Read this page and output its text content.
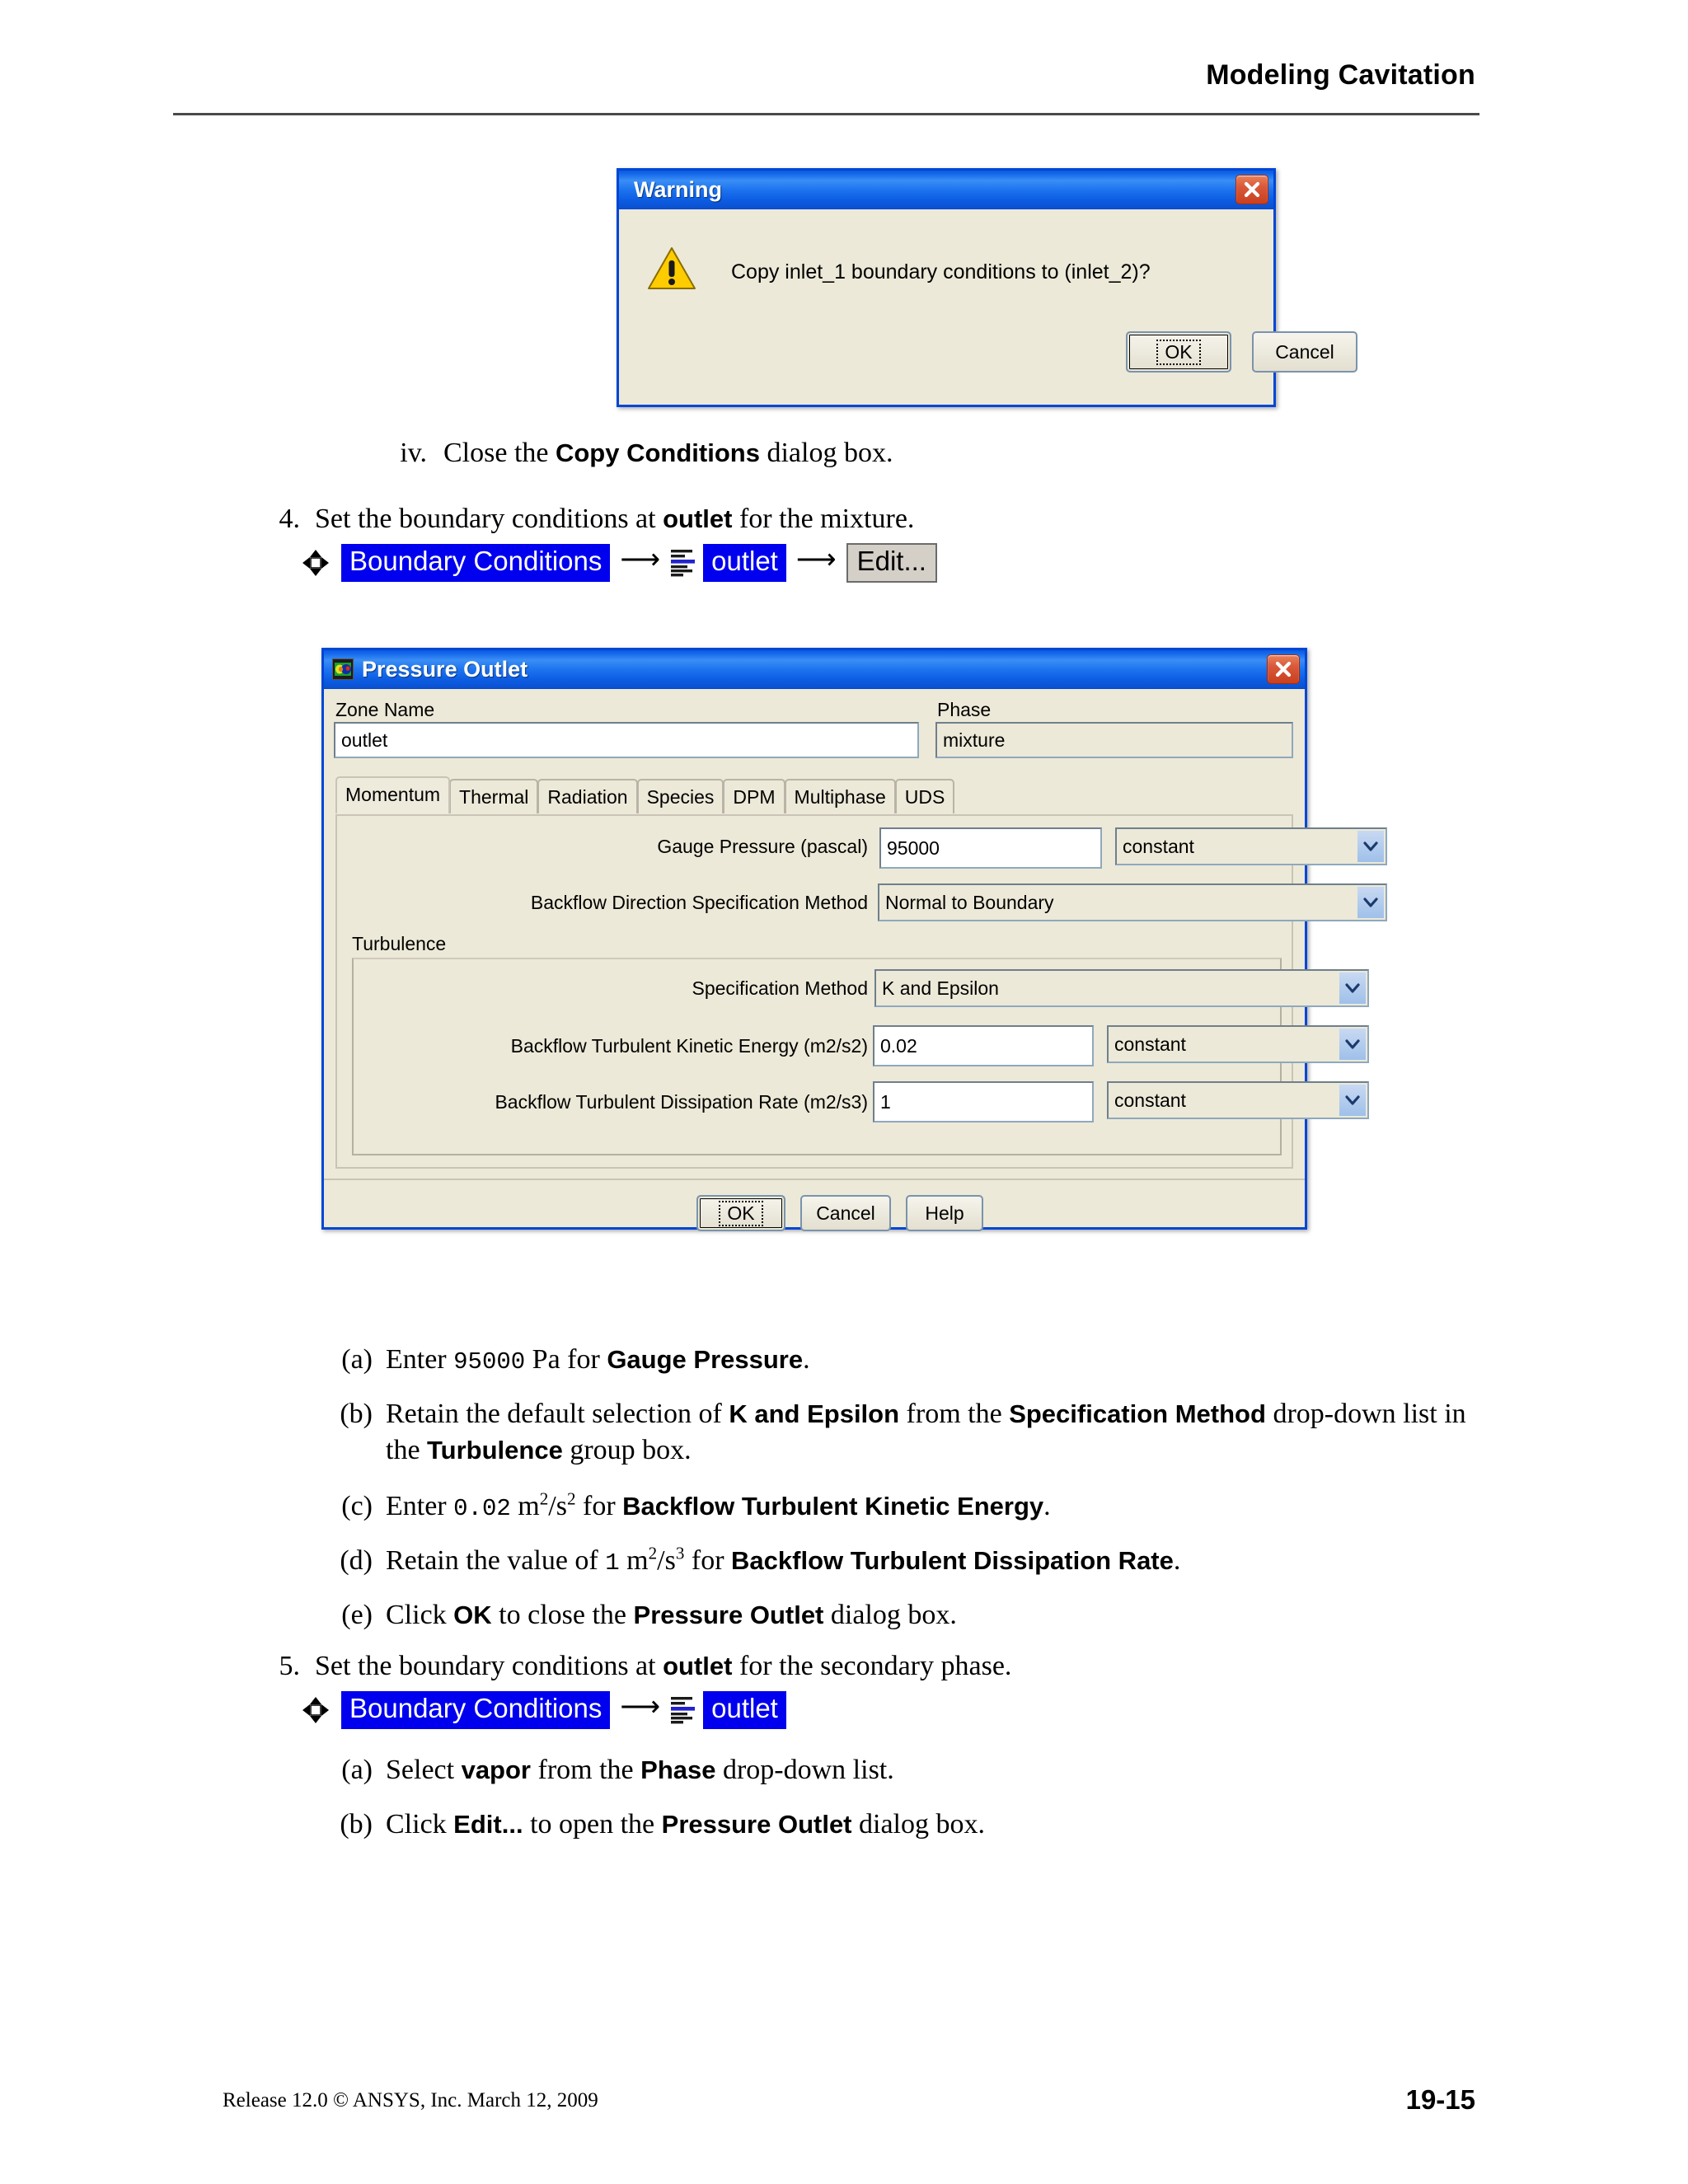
Modeling Cavitation
Warning
Copy inlet_1 boundary conditions to (inlet_2)?
OK	Cancel
iv. Close the Copy Conditions dialog box.
4. Set the boundary conditions at outlet for the mixture.
Boundary Conditions ⟶	outlet ⟶ Edit...
Pressure Outlet
Zone Name
outlet
Phase
mixture
Momentum	Thermal	Radiation	Species	DPM	Multiphase	UDS
Gauge Pressure (pascal) 95000	constant
Backflow Direction Specification Method Normal to Boundary
Turbulence
Specification Method K and Epsilon
Backflow Turbulent Kinetic Energy (m2/s2) 0.02	constant
Backflow Turbulent Dissipation Rate (m2/s3) 1	constant
OK	Cancel	Help
(a) Enter 95000 Pa for Gauge Pressure.
(b) Retain the default selection of K and Epsilon from the Specification Method drop-down list in the Turbulence group box.
(c) Enter 0.02 $m^2/s^2$ for Backflow Turbulent Kinetic Energy.
(d) Retain the value of 1 $m^2/s^3$ for Backflow Turbulent Dissipation Rate.
(e) Click OK to close the Pressure Outlet dialog box.
5. Set the boundary conditions at outlet for the secondary phase.
Boundary Conditions ⟶	outlet
(a) Select vapor from the Phase drop-down list.
(b) Click Edit... to open the Pressure Outlet dialog box.
Release 12.0 © ANSYS, Inc. March 12, 2009	19-15
